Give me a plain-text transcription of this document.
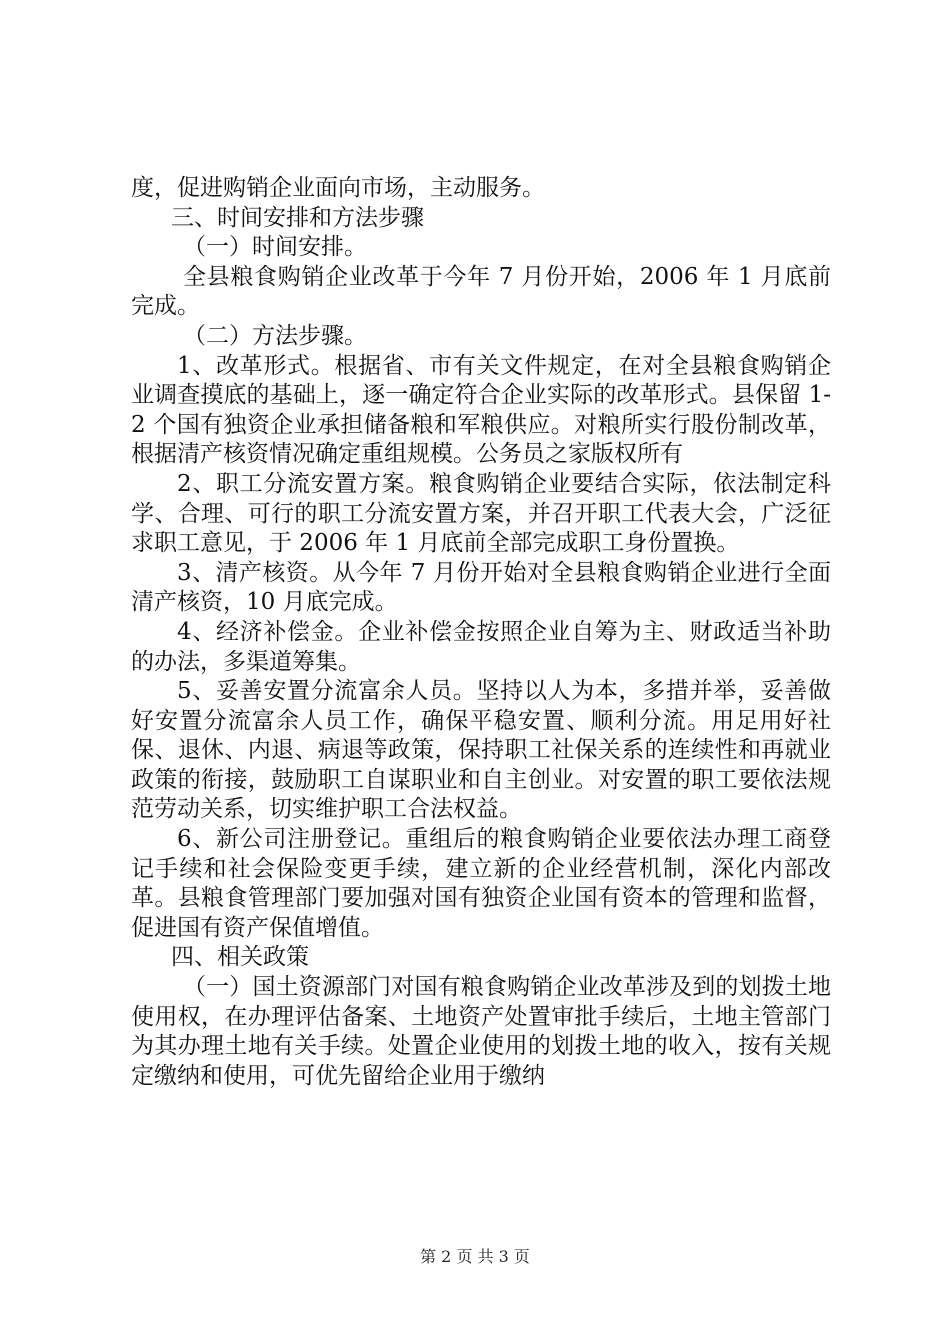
度，促进购销企业面向市场，主动服务。

三、时间安排和方法步骤

（一）时间安排。

全县粮食购销企业改革于今年 7 月份开始，2006 年 1 月底前完成。

（二）方法步骤。

1、改革形式。根据省、市有关文件规定，在对全县粮食购销企业调查摸底的基础上，逐一确定符合企业实际的改革形式。县保留 1-2 个国有独资企业承担储备粮和军粮供应。对粮所实行股份制改革，根据清产核资情况确定重组规模。公务员之家版权所有

2、职工分流安置方案。粮食购销企业要结合实际，依法制定科学、合理、可行的职工分流安置方案，并召开职工代表大会，广泛征求职工意见，于 2006 年 1 月底前全部完成职工身份置换。

3、清产核资。从今年 7 月份开始对全县粮食购销企业进行全面清产核资，10 月底完成。

4、经济补偿金。企业补偿金按照企业自筹为主、财政适当补助的办法，多渠道筹集。

5、妥善安置分流富余人员。坚持以人为本，多措并举，妥善做好安置分流富余人员工作，确保平稳安置、顺利分流。用足用好社保、退休、内退、病退等政策，保持职工社保关系的连续性和再就业政策的衔接，鼓励职工自谋职业和自主创业。对安置的职工要依法规范劳动关系，切实维护职工合法权益。

6、新公司注册登记。重组后的粮食购销企业要依法办理工商登记手续和社会保险变更手续，建立新的企业经营机制，深化内部改革。县粮食管理部门要加强对国有独资企业国有资本的管理和监督，促进国有资产保值增值。

四、相关政策

（一）国土资源部门对国有粮食购销企业改革涉及到的划拨土地使用权，在办理评估备案、土地资产处置审批手续后，土地主管部门为其办理土地有关手续。处置企业使用的划拨土地的收入，按有关规定缴纳和使用，可优先留给企业用于缴纳

第 2 页 共 3 页
